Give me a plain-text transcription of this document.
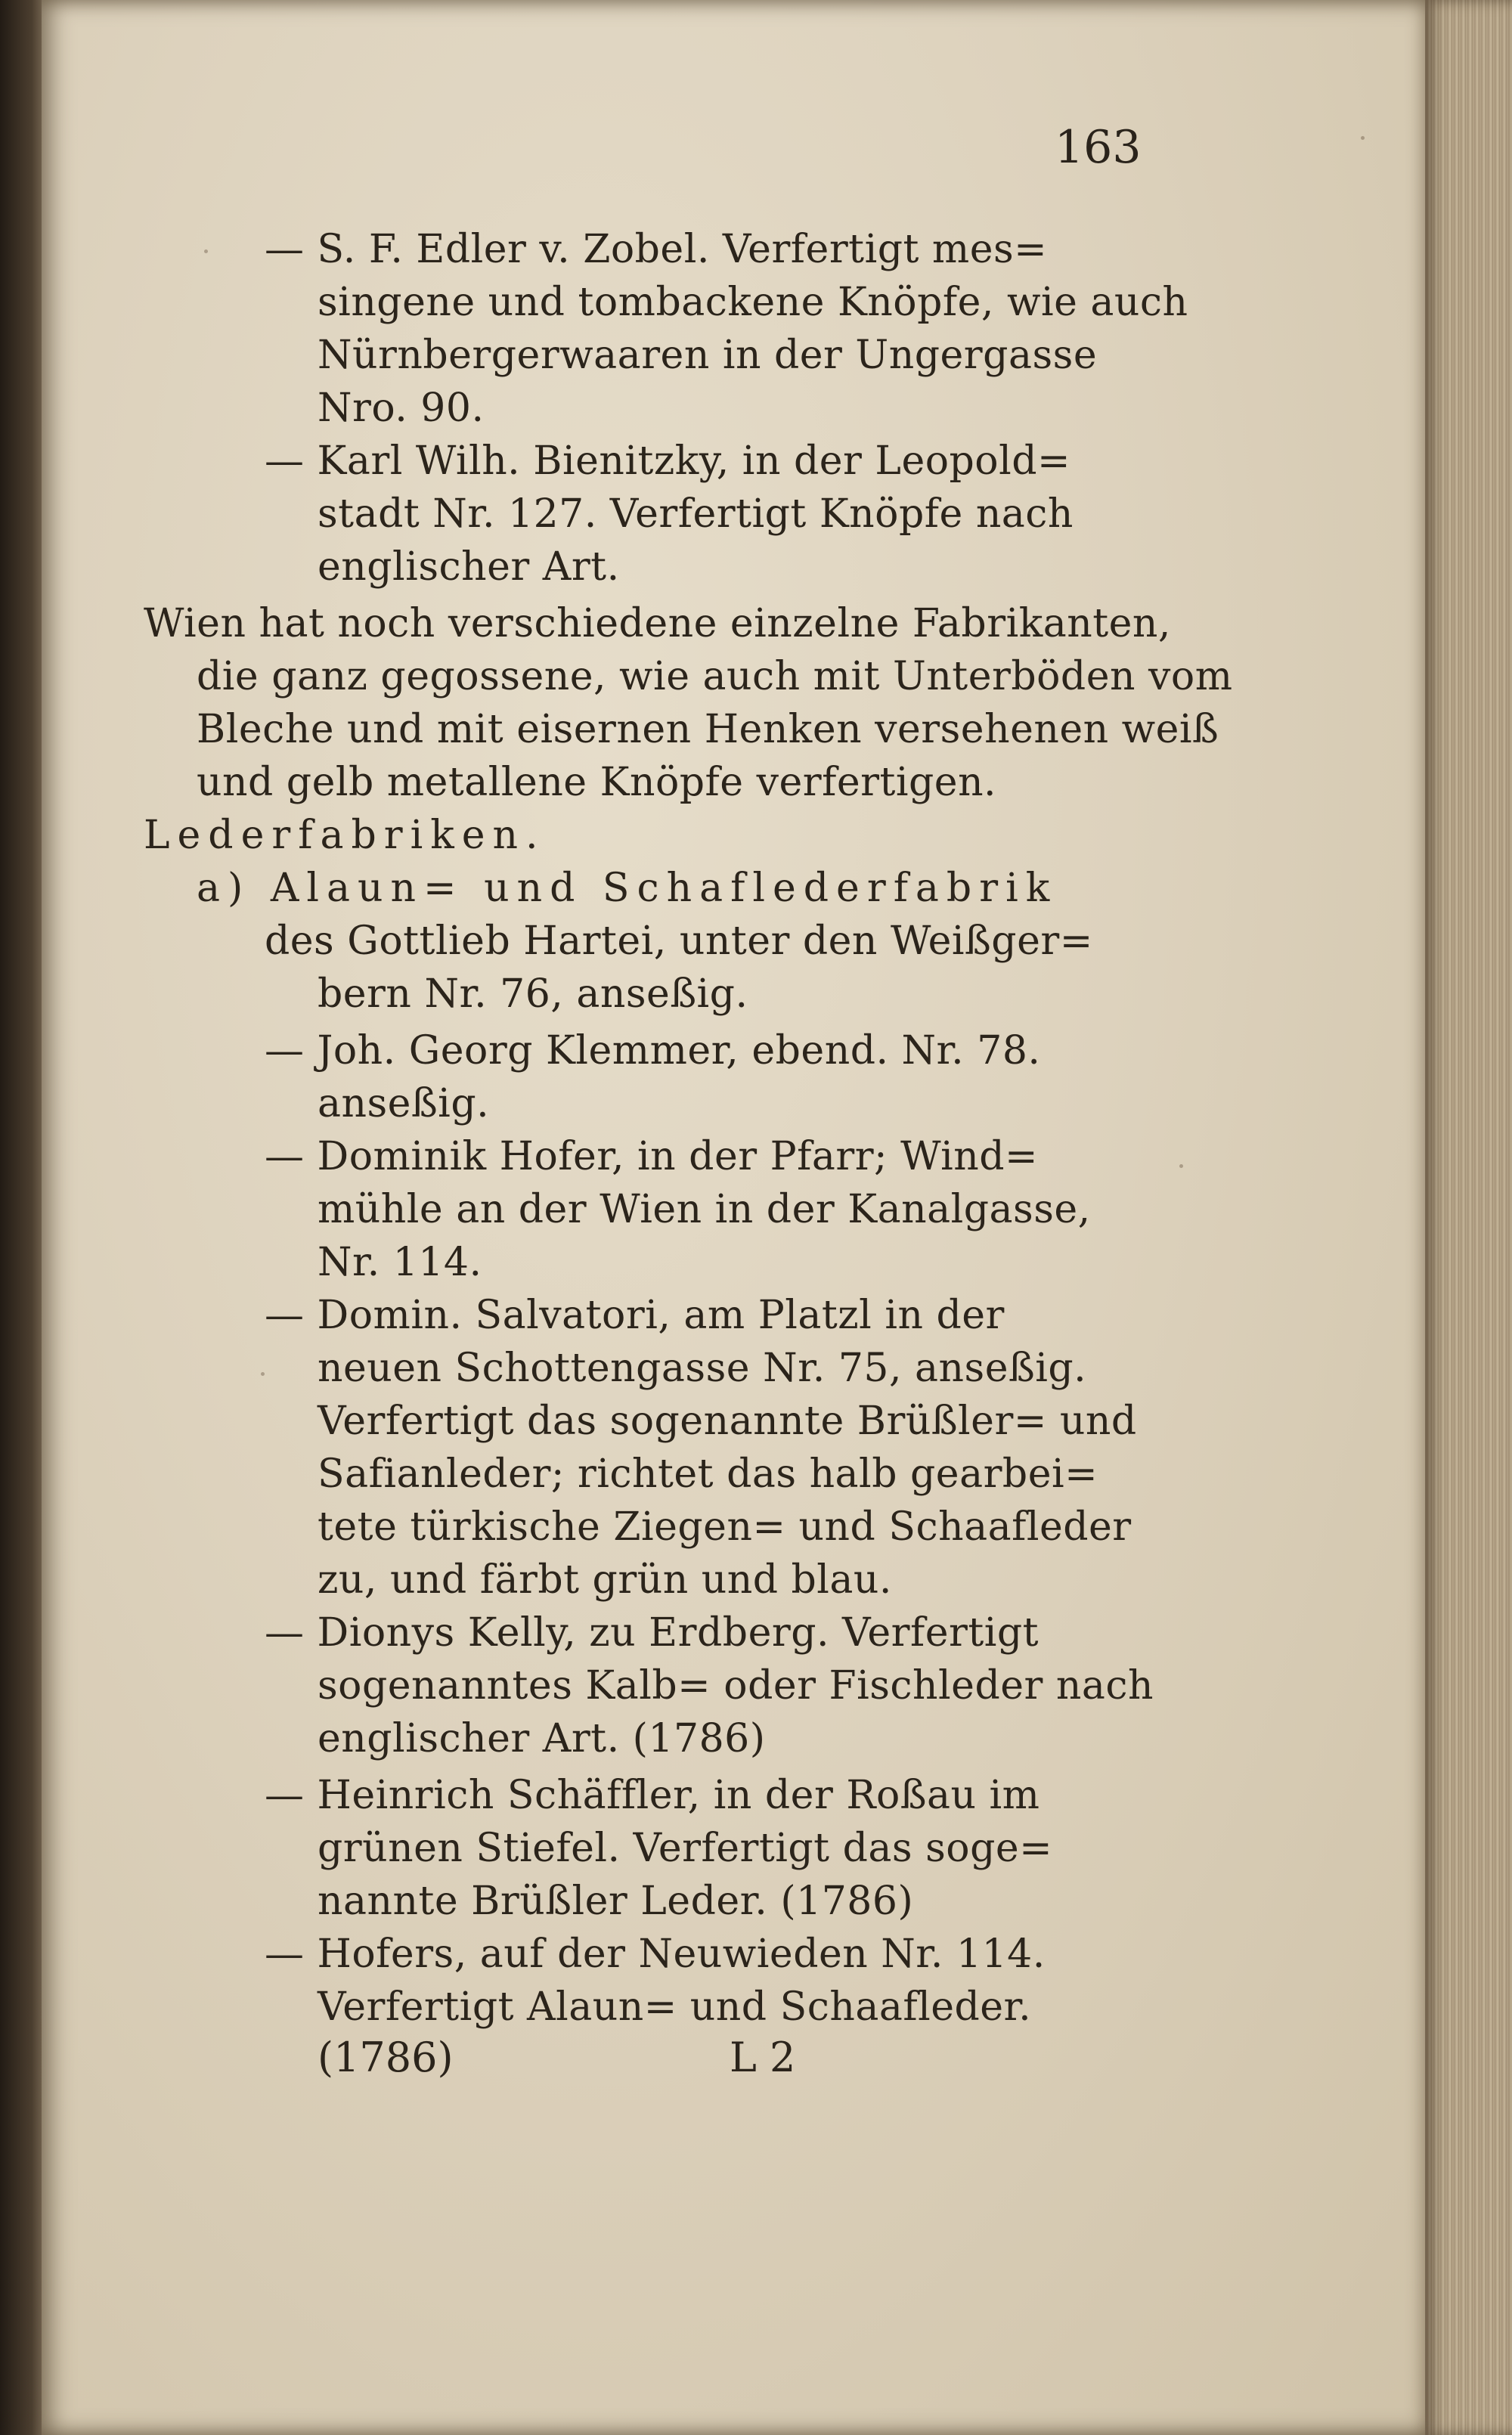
163
— S. F. Edler v. Zobel. Verfertigt mes=
singene und tombackene Knöpfe, wie auch
Nürnbergerwaaren in der Ungergasse
Nro. 90.
— Karl Wilh. Bienitzky, in der Leopold=
stadt Nr. 127. Verfertigt Knöpfe nach
englischer Art.
Wien hat noch verschiedene einzelne Fabrikanten,
die ganz gegossene, wie auch mit Unterböden vom
Bleche und mit eisernen Henken versehenen weiß
und gelb metallene Knöpfe verfertigen.
Lederfabriken.
a) Alaun= und Schaflederfabrik
des Gottlieb Hartei, unter den Weißger=
bern Nr. 76, anseßig.
— Joh. Georg Klemmer, ebend. Nr. 78.
anseßig.
— Dominik Hofer, in der Pfarr; Wind=
mühle an der Wien in der Kanalgasse,
Nr. 114.
— Domin. Salvatori, am Platzl in der
neuen Schottengasse Nr. 75, anseßig.
Verfertigt das sogenannte Brüßler= und
Safianleder; richtet das halb gearbei=
tete türkische Ziegen= und Schaafleder
zu, und färbt grün und blau.
— Dionys Kelly, zu Erdberg. Verfertigt
sogenanntes Kalb= oder Fischleder nach
englischer Art. (1786)
— Heinrich Schäffler, in der Roßau im
grünen Stiefel. Verfertigt das soge=
nannte Brüßler Leder. (1786)
— Hofers, auf der Neuwieden Nr. 114.
Verfertigt Alaun= und Schaafleder.
(1786)	L 2
